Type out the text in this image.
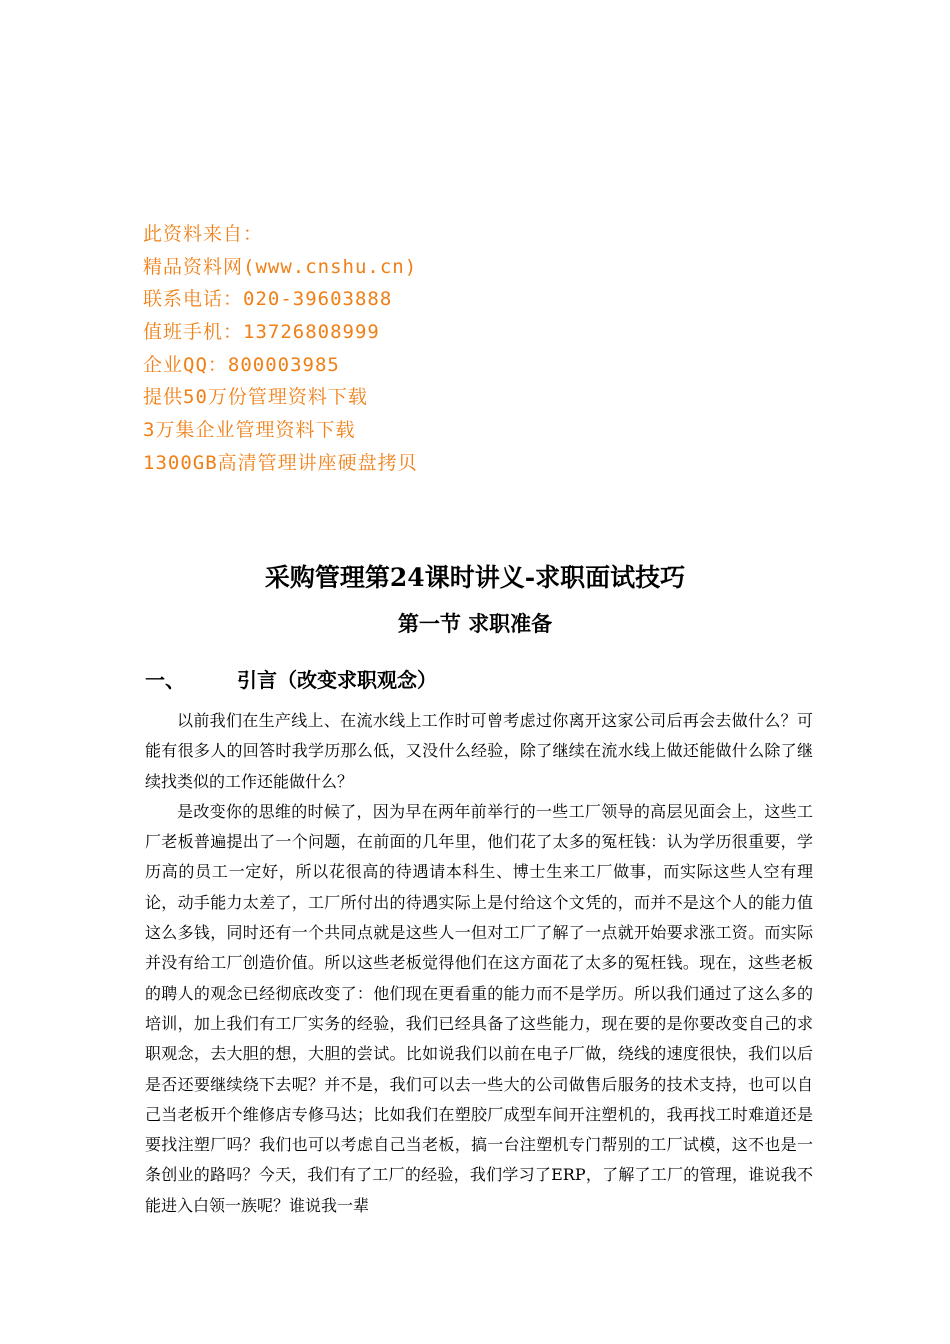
此资料来自：
精品资料网(www.cnshu.cn)
联系电话：020-39603888
值班手机：13726808999
企业QQ：800003985
提供50万份管理资料下载
3万集企业管理资料下载
1300GB高清管理讲座硬盘拷贝
采购管理第24课时讲义-求职面试技巧
第一节 求职准备
一、	引言（改变求职观念）

以前我们在生产线上、在流水线上工作时可曾考虑过你离开这家公司后再会去做什么？可能有很多人的回答时我学历那么低，又没什么经验，除了继续在流水线上做还能做什么除了继续找类似的工作还能做什么？

是改变你的思维的时候了，因为早在两年前举行的一些工厂领导的高层见面会上，这些工厂老板普遍提出了一个问题，在前面的几年里，他们花了太多的冤枉钱：认为学历很重要，学历高的员工一定好，所以花很高的待遇请本科生、博士生来工厂做事，而实际这些人空有理论，动手能力太差了，工厂所付出的待遇实际上是付给这个文凭的，而并不是这个人的能力值这么多钱，同时还有一个共同点就是这些人一但对工厂了解了一点就开始要求涨工资。而实际并没有给工厂创造价值。所以这些老板觉得他们在这方面花了太多的冤枉钱。现在，这些老板的聘人的观念已经彻底改变了：他们现在更看重的能力而不是学历。所以我们通过了这么多的培训，加上我们有工厂实务的经验，我们已经具备了这些能力，现在要的是你要改变自己的求职观念，去大胆的想，大胆的尝试。比如说我们以前在电子厂做，绕线的速度很快，我们以后是否还要继续绕下去呢？并不是，我们可以去一些大的公司做售后服务的技术支持，也可以自己当老板开个维修店专修马达；比如我们在塑胶厂成型车间开注塑机的，我再找工时难道还是要找注塑厂吗？我们也可以考虑自己当老板，搞一台注塑机专门帮别的工厂试模，这不也是一条创业的路吗？今天，我们有了工厂的经验，我们学习了ERP，了解了工厂的管理，谁说我不能进入白领一族呢？谁说我一辈
